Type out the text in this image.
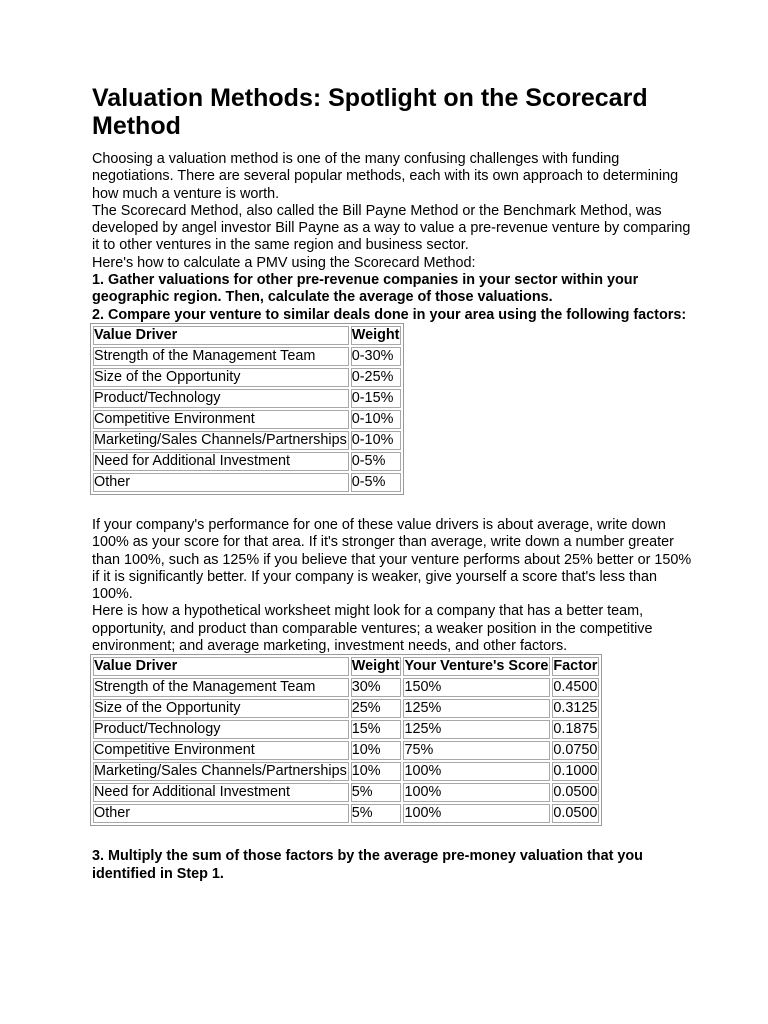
Valuation Methods: Spotlight on the Scorecard Method

Choosing a valuation method is one of the many confusing challenges with funding negotiations. There are several popular methods, each with its own approach to determining how much a venture is worth.

The Scorecard Method, also called the Bill Payne Method or the Benchmark Method, was developed by angel investor Bill Payne as a way to value a pre-revenue venture by comparing it to other ventures in the same region and business sector.

Here's how to calculate a PMV using the Scorecard Method:

1. Gather valuations for other pre-revenue companies in your sector within your geographic region. Then, calculate the average of those valuations.

2. Compare your venture to similar deals done in your area using the following factors:

Value Driver	Weight
Strength of the Management Team	0-30%
Size of the Opportunity	0-25%
Product/Technology	0-15%
Competitive Environment	0-10%
Marketing/Sales Channels/Partnerships	0-10%
Need for Additional Investment	0-5%
Other	0-5%

If your company's performance for one of these value drivers is about average, write down 100% as your score for that area. If it's stronger than average, write down a number greater than 100%, such as 125% if you believe that your venture performs about 25% better or 150% if it is significantly better. If your company is weaker, give yourself a score that's less than 100%.

Here is how a hypothetical worksheet might look for a company that has a better team, opportunity, and product than comparable ventures; a weaker position in the competitive environment; and average marketing, investment needs, and other factors.

Value Driver	Weight	Your Venture's Score	Factor
Strength of the Management Team	30%	150%	0.4500
Size of the Opportunity	25%	125%	0.3125
Product/Technology	15%	125%	0.1875
Competitive Environment	10%	75%	0.0750
Marketing/Sales Channels/Partnerships	10%	100%	0.1000
Need for Additional Investment	5%	100%	0.0500
Other	5%	100%	0.0500

3. Multiply the sum of those factors by the average pre-money valuation that you identified in Step 1.
